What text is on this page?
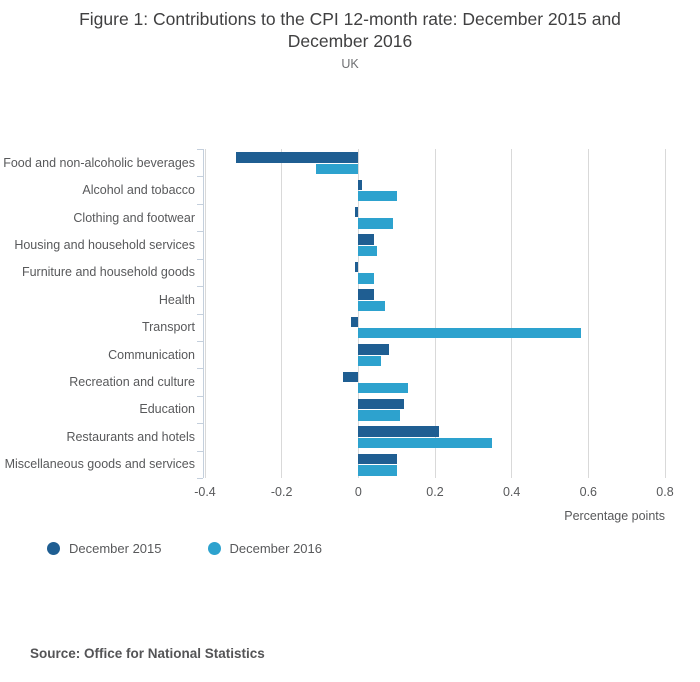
Figure 1: Contributions to the CPI 12-month rate: December 2015 and December 2016
UK
Percentage points
December 2015	December 2016
Source: Office for National Statistics
Food and non-alcoholic beverages
Alcohol and tobacco
Clothing and footwear
Housing and household services
Furniture and household goods
Health
Transport
Communication
Recreation and culture
Education
Restaurants and hotels
Miscellaneous goods and services
-0.4	-0.2	0	0.2	0.4	0.6	0.8
